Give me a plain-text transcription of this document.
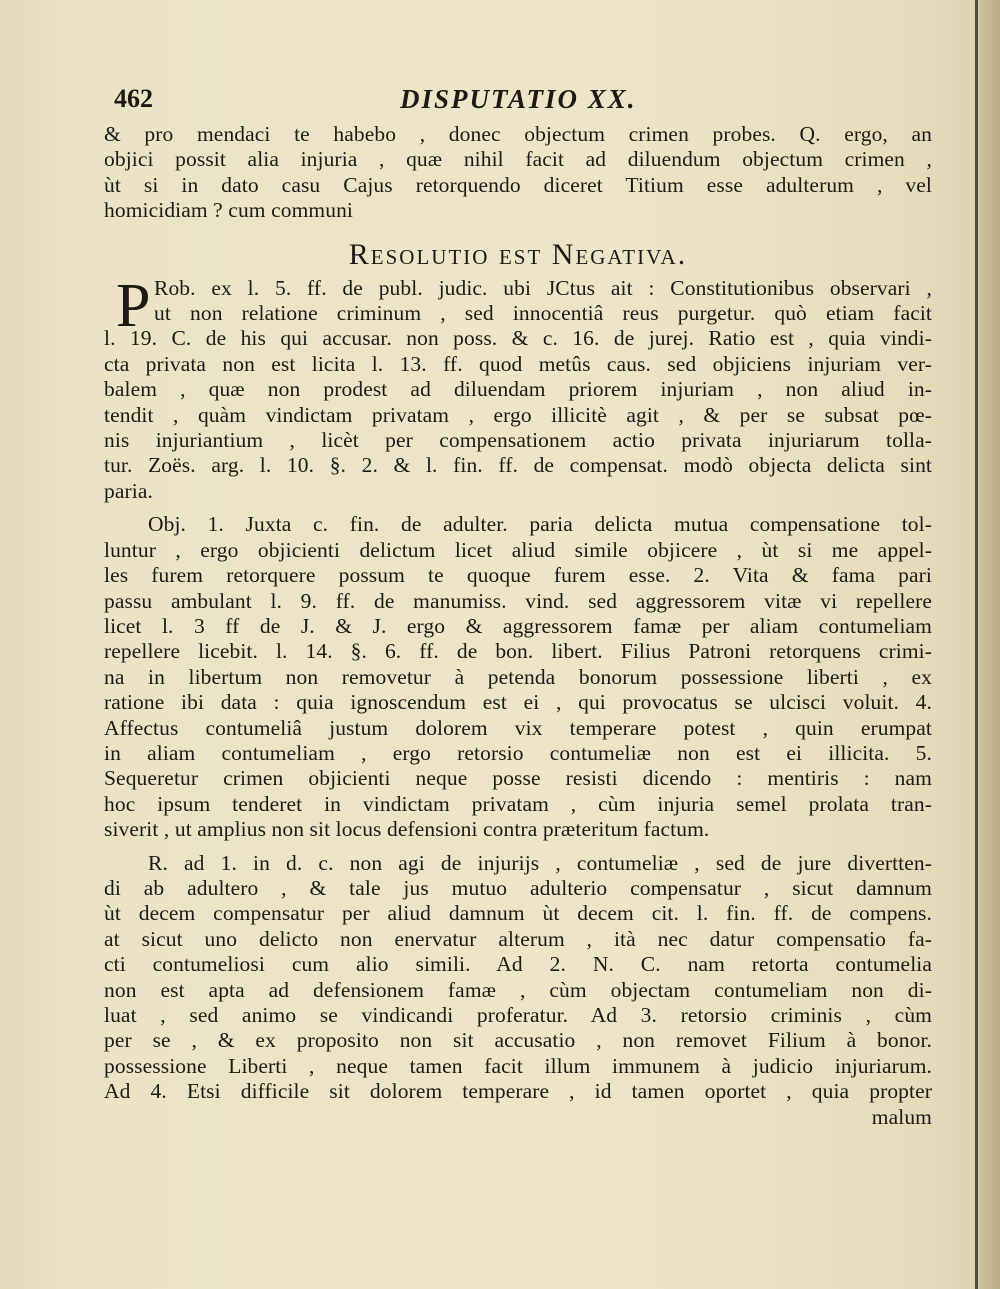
462	DISPUTATIO XX.
& pro mendaci te habebo , donec objectum crimen probes. Q. ergo, an
objici possit alia injuria , quæ nihil facit ad diluendum objectum crimen ,
ùt si in dato casu Cajus retorquendo diceret Titium esse adulterum , vel
homicidiam ? cum communi
Resolutio est Negativa.
P Rob. ex l. 5. ff. de publ. judic. ubi JCtus ait : Constitutionibus observari ,
ut non relatione criminum , sed innocentiâ reus purgetur. quò etiam facit
l. 19. C. de his qui accusar. non poss. & c. 16. de jurej. Ratio est , quia vindi-
cta privata non est licita l. 13. ff. quod metûs caus. sed objiciens injuriam ver-
balem , quæ non prodest ad diluendam priorem injuriam , non aliud in-
tendit , quàm vindictam privatam , ergo illicitè agit , & per se subsat pœ-
nis injuriantium , licèt per compensationem actio privata injuriarum tolla-
tur. Zoës. arg. l. 10. §. 2. & l. fin. ff. de compensat. modò objecta delicta sint
paria.
Obj. 1. Juxta c. fin. de adulter. paria delicta mutua compensatione tol-
luntur , ergo objicienti delictum licet aliud simile objicere , ùt si me appel-
les furem retorquere possum te quoque furem esse. 2. Vita & fama pari
passu ambulant l. 9. ff. de manumiss. vind. sed aggressorem vitæ vi repellere
licet l. 3 ff de J. & J. ergo & aggressorem famæ per aliam contumeliam
repellere licebit. l. 14. §. 6. ff. de bon. libert. Filius Patroni retorquens crimi-
na in libertum non removetur à petenda bonorum possessione liberti , ex
ratione ibi data : quia ignoscendum est ei , qui provocatus se ulcisci voluit. 4.
Affectus contumeliâ justum dolorem vix temperare potest , quin erumpat
in aliam contumeliam , ergo retorsio contumeliæ non est ei illicita. 5.
Sequeretur crimen objicienti neque posse resisti dicendo : mentiris : nam
hoc ipsum tenderet in vindictam privatam , cùm injuria semel prolata tran-
siverit , ut amplius non sit locus defensioni contra præteritum factum.
R. ad 1. in d. c. non agi de injurijs , contumeliæ , sed de jure divertten-
di ab adultero , & tale jus mutuo adulterio compensatur , sicut damnum
ùt decem compensatur per aliud damnum ùt decem cit. l. fin. ff. de compens.
at sicut uno delicto non enervatur alterum , ità nec datur compensatio fa-
cti contumeliosi cum alio simili. Ad 2. N. C. nam retorta contumelia
non est apta ad defensionem famæ , cùm objectam contumeliam non di-
luat , sed animo se vindicandi proferatur. Ad 3. retorsio criminis , cùm
per se , & ex proposito non sit accusatio , non removet Filium à bonor.
possessione Liberti , neque tamen facit illum immunem à judicio injuriarum.
Ad 4. Etsi difficile sit dolorem temperare , id tamen oportet , quia propter
malum
